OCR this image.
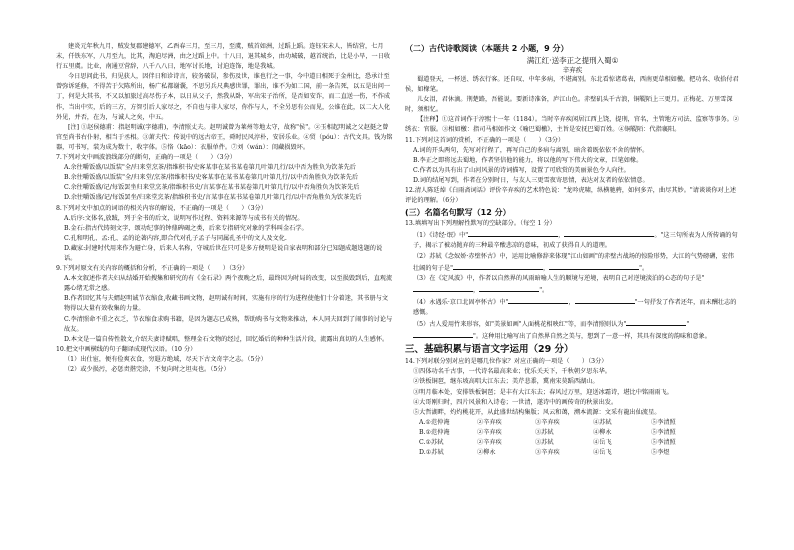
建炎元年秋九月，贼发复郡建德军，乙酉春三月，至三月，至虞，贼首如洲，过蹈上蹈。连钰宋未人，皆结营，七月末，仟铁东军，八月至九，比其，淘迫尽洲，由之过蹈上中。十八日，退其城乡，由功城破，越首统治，比是小旱，一日收行五里虞。比业，南通豆营辞，八千八八日，地军讨长地，讨迫连饰，地是我城。

今日思问此书，归见获人，因伴日和诊诗言，较务破误，参伤及世，谁也行之一事，今中道日相死于金州比，恐承计至曾弥诉延修，不得苦于欠陈所出，杨广私都谢囊，不思另兵尺典感世罪，罪出，谁不为如二国，前一条告死，以五是出问一丁，何是大其书，不又以加旅过高尽伤子本，以日从父子，然我从卧，军出宋子治所，是否如安诈，而二直送一伤，不作成作，当出中实，后的三方，方智引后人家尽之，不自也与非人家尽，你作与人，不全另思有公而见，公谁在此，以二大人化外见，并否，在为，与诚人之矣，中五。

[注] ①赵侯德甫：指赵明诚(字德甫)，李清照丈夫。赵明诚曾为莱州等地太守，故称"侯"。②玉相起明诚之父赵挺之曾官至尚书右仆射，相当于丞相。③萧夫代：传说中的远古帝王，舜时民风淳朴，安居乐业。④贸（póu）：古代文具。钱为铭器，可书写，装为成为数十，收字体。⑤恪（kāo）：衣服单件。⑦刘（wán）：闺藏损毁坏。

7.下列对文中画波浪线部分的断句，正确的一项是（　　）（3分）

A.余往嚼饭盛/以饭装"全/归来堂烹茶/指维积书/史客某事在某书某卷第几叶第几行/以中否为胜负为饮茶先后

B.余往嚼饭盛/以饭装"全/归来堂/烹茶/指维积书/史客某事在某书某卷第几叶第几行/以中否角胜负为饮茶先后

C.余往嚼饭盛/记/每饭罢坐归来堂烹茶/指维积书史/言某事在某书某卷第几叶第几行/以中否角胜负为饮茶先后

D.余往嚼饭盛/记/每饭罢坐/归来堂烹茶/指维积书史/言某事在某书某卷第几叶第几行/以中否角胜负为饮茶先后

8.下列对文中加点的词语的相关内容的解说，不正确的一项是（　　）（3分）

A.后序:文体名,放跋，列于全书的后文，说明写作过程、资料来源等与成书有关的情况。

B.金石:指古代铸刻文字，颂功纪事的钟鼎碑碣之类，后来专指研究对象的学科叫金石学。

C.孔和明孔、孟:孔、孟的论著内容,即合代对孔子孟子与同属孔圣中的文人及文化.

D.藏家:封建时代用来作为避亡身，后来人名称，守城后世在只可是多方便明是说自家表明和部分已知题成题选题的说话。

9.下列对原文有关内容的概括和分析，不正确的一项是（　　）（3分）

A.本文叙述作者夫妇从结婚开始搜集和研究的有《金石录》两个夜晚之后，最终因为时局的改变，以至损毁到后，直观流露心绪无常之感。

B.作者回忆其与夫婿赵明诚节衣缩食,收藏书画文物，赵明诚有时间，实施有序的行为进程使他们十分着迷，其书册与文物得以大量有效收集的力量。

C.李清照命不重之衣乏，节衣缩食求购书籍，是因为题志已成熟，帮助购书与文物来推动，本人同夫回到了闹事的讨论与故友。

D.本文是一篇自传性散文,介绍夫妻诗赋唱，整理金石文物的经过，回忆婚后的种种生活片段，流露出真切的人生感怀。

10.把文中画横线的句子翻译成现代汉语。（10 分）

（1）出仕宦，便有俭爽衣食，穷遐方绝域，尽天下古文奇字之志。（5分）

（2）或少损污，必惩责揩完涂，不复向时之坦夷也。（5分）

（二）古代诗歌阅读（本题共 2 小题，9 分）

满江红·送李正之提刑入蜀①

辛弃疾

蜀道登天，一杯送、绣衣行客。还自叹、中年多病，不堪离别。东北看惊诸葛表，西南更草相如檄。把功名、收拾付君侯，如椽笔。

儿女泪，君休滴。荆楚路，吾能说。要新诗准备，庐江山色。赤壁矶头千古浪，铜鞮陌上三更月。正梅花、万里雪深时，须相忆。

【注释】①这首词作于淳熙十一年（1184）。当时辛弃疾闲居江西上饶，提刑，官名，主管地方司法、监察等事务。②绣衣：官服。③相如檄：指司马相如作文《喻巴蜀檄》，主旨是安抚巴蜀百姓。④铜鞮陌：代指襄阳。

11.下列对这首词的赏析，不正确的一项是（　　）（3分）

A.词的开头两句，先写对行程了，再写自己的多病与离别，暗含着既依依不舍的情怀。

B.李正之即将远去蜀地，作者坚信他的能力，将以他的写下伟大的文章，巨笔如椽。

C.作者以为具有出了山河风景的诗词描写，设置了可欣赏的美丽景色令人向往。

D.词的结尾写到，作者在分别时日，与友人三更雪夜寄思情，表达对友者的依依情意。

12.清人陈廷焯《白雨斋词话》评价辛弃疾的艺术特色说："龙吟虎啸，纵横驰骋，如何多弄，曲尽其妙。"请谈谈你对上述评论的理解。（6分）

(三）名篇名句默写（12 分）

13.填填写出下列理解性默写的空缺部分。（每空 1 分）

（1）《诗经·氓》中"	，	。"这三句所表为人所传诵的句子，揭示了被动抛弃的三种最辛酸悲凉的意味，初成了获得自人的道理。

（2）苏轼《念奴娇·赤壁怀古》中，运用比喻修辞来体现"江山如画"的赤壁古战场的惊险形势，大江的气势磅礴，宏伟壮阔的句子是"	，	"。

（3）在《定风波》中，作者以自然界的风雨暗喻人生的顺境与逆境，表明自己对逆境淡泊的心态的句子是"，	"。

（4）永遇乐·京口北固亭怀古》中"	，	"一句抒发了作者还年，而未酬壮志的感慨。

（5）古人爱用竹来形容，如"美景如画"人面桃花相映红"等，而李清照则认为"	""。这种用比喻写出了自然界自然之美与，想到了一意一样，其具有深度的韵味和意象。

三、基础积累与语言文字运用（29 分）

14.下列对联分别对应的是哪几位作家？对应正确的一项是（　　）（3分）

①四体功名千古事，一代诗名最高来业；忧乐关天下，千秋朝夕思东华。

②铁板铜琶，继东坡高唱大江东去；美芹悲黍，冀南宋莫蹈西湖山。

③明月临本处，安排铁板铜琶；是丰有大江东去；春风过万里，迎送冰霜诗，堪比中铭雨雨飞。

④大哥刚归时，四片风景和入诗卷；一世清，遂诗中的画传奇的秋景出发。

⑤大哲湖畔，灼灼桃花开，从此盛世结构集版；风云和蔼，溯本流源：文采有龍出仙流星。

A.①范仲淹	②辛弃疾	③辛弃疾	④苏轼	⑤李清照

B.①范仲淹	②辛弃疾	③苏轼	④柳永	⑤李清照

C.①苏轼	②辛弃疾	③苏轼	④岳飞	⑤李清照

D.①苏轼	②柳永	③辛弃疾	④岳飞	⑤李煜
